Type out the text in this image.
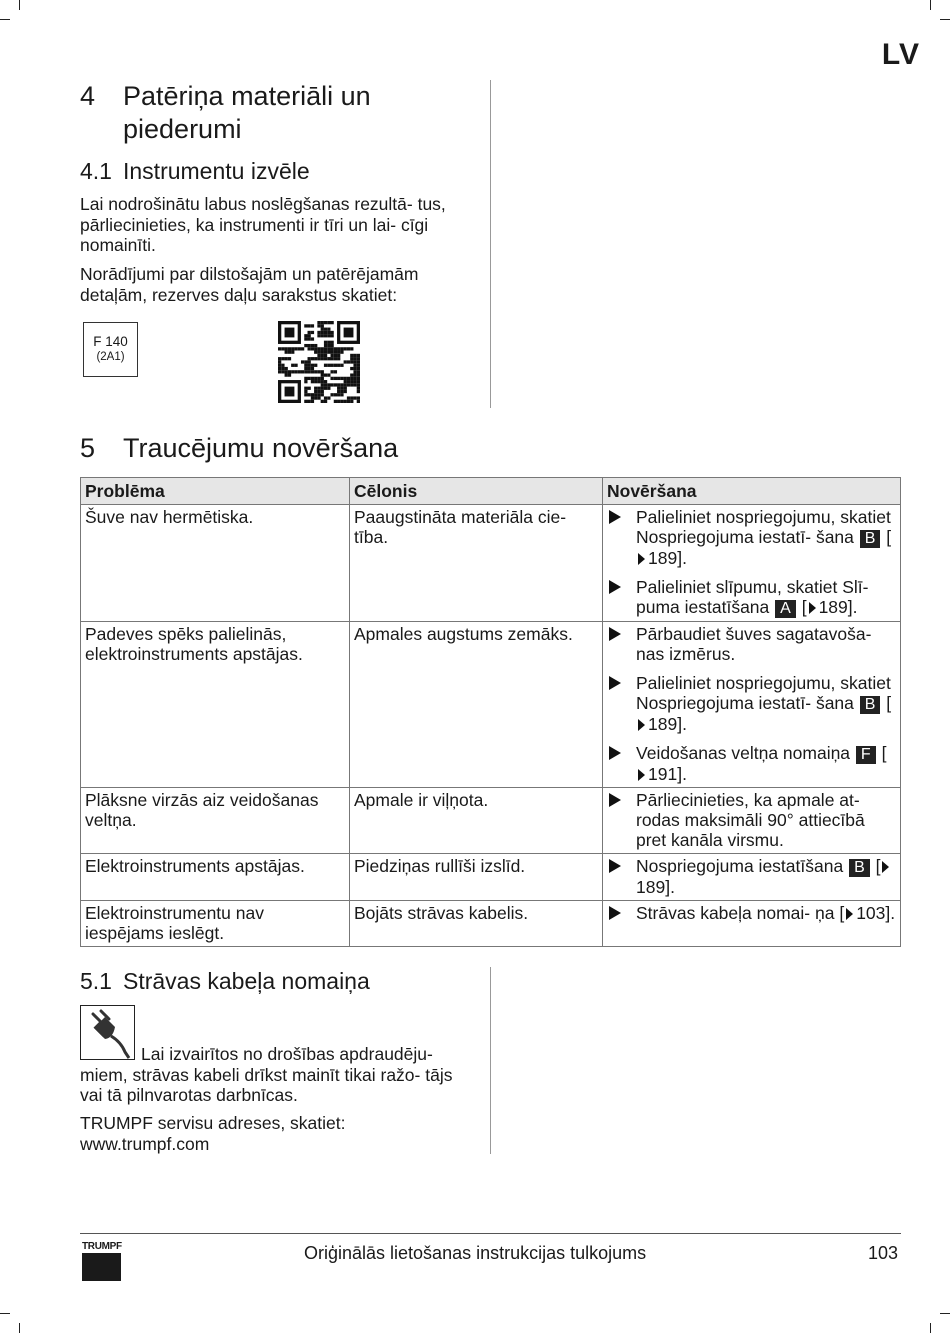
LV
4	Patēriņa materiāli un piederumi
4.1 Instrumentu izvēle

Lai nodrošinātu labus noslēgšanas rezultā- tus, pārliecinieties, ka instrumenti ir tīri un lai- cīgi nomainīti.

Norādījumi par dilstošajām un patērējamām detaļām, rezerves daļu sarakstus skatiet:

F 140
(2A1)
5	Traucējumu novēršana
Problēma	Cēlonis	Novēršana
Šuve nav hermētiska.	Paaugstināta materiāla cie- tība.	Palieliniet nospriegojumu, skatiet Nospriegojuma iestatī- šana B [189].
Palieliniet slīpumu, skatiet Slī- puma iestatīšana A [ 189].

Padeves spēks palielinās, elektroinstruments apstājas.	Apmales augstums zemāks.	Pārbaudiet šuves sagatavoša- nas izmērus.
Palieliniet nospriegojumu, skatiet Nospriegojuma iestatī- šana B [189].
Veidošanas veltņa nomaiņa F [191].

Plāksne virzās aiz veidošanas veltņa.	Apmale ir viļņota.	Pārliecinieties, ka apmale at- rodas maksimāli 90° attiecībā pret kanāla virsmu.

Elektroinstruments apstājas.	Piedziņas rullīši izslīd.	Nospriegojuma iestatīšana B [189].

Elektroinstrumentu nav iespējams ieslēgt.	Bojāts strāvas kabelis.	Strāvas kabeļa nomai- ņa [ 103].
5.1 Strāvas kabeļa nomaiņa

Lai izvairītos no drošības apdraudēju- miem, strāvas kabeli drīkst mainīt tikai ražo- tājs vai tā pilnvarotas darbnīcas.

TRUMPF servisu adreses, skatiet:

www.trumpf.com

TRUMPF	Oriģinālās lietošanas instrukcijas tulkojums	103
